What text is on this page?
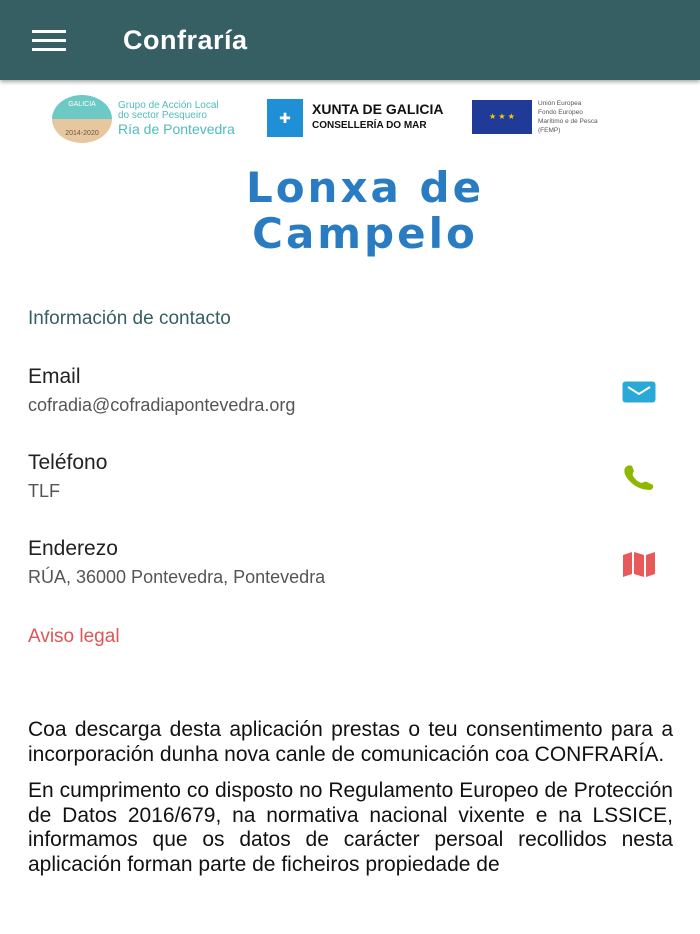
Confraría
GALICIA
2014-2020
Grupo de Acción Local
do sector Pesqueiro
Ría de Pontevedra
✚
XUNTA DE GALICIA
CONSELLERÍA DO MAR
★ ★ ★
Unión Europea
Fondo Europeo
Marítimo e de Pesca
(FEMP)
Lonxa de
Campelo
Información de contacto
Email
cofradia@cofradiapontevedra.org
Teléfono
TLF
Enderezo
RÚA, 36000 Pontevedra, Pontevedra
Aviso legal

Coa descarga desta aplicación prestas o teu consentimento para a incorporación dunha nova canle de comunicación coa CONFRARÍA.

En cumprimento co disposto no Regulamento Europeo de Protección de Datos 2016/679, na normativa nacional vixente e na LSSICE, informamos que os datos de carácter persoal recollidos nesta aplicación forman parte de ficheiros propiedade de
